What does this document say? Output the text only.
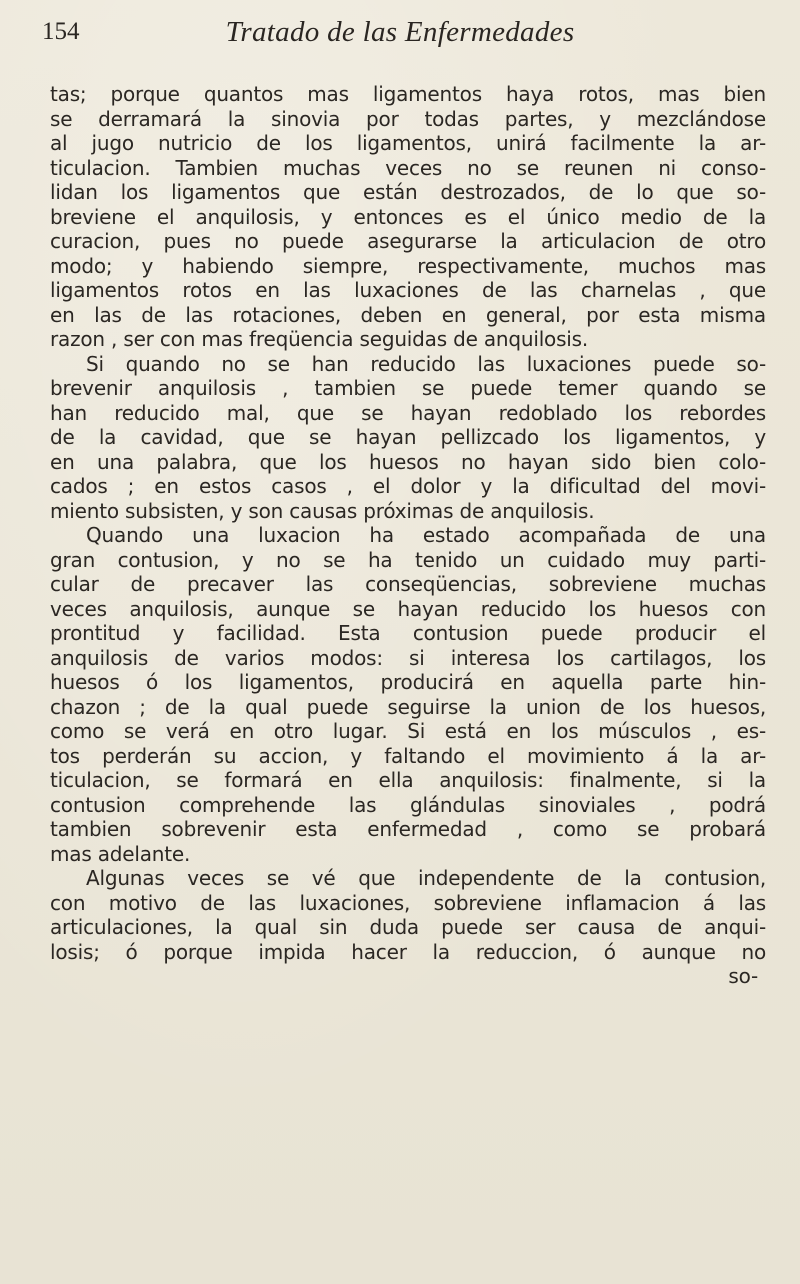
154	Tratado de las Enfermedades
tas; porque quantos mas ligamentos haya rotos, mas bien
se derramará la sinovia por todas partes, y mezclándose
al jugo nutricio de los ligamentos, unirá facilmente la ar-
ticulacion. Tambien muchas veces no se reunen ni conso-
lidan los ligamentos que están destrozados, de lo que so-
breviene el anquilosis, y entonces es el único medio de la
curacion, pues no puede asegurarse la articulacion de otro
modo; y habiendo siempre, respectivamente, muchos mas
ligamentos rotos en las luxaciones de las charnelas , que
en las de las rotaciones, deben en general, por esta misma
razon , ser con mas freqüencia seguidas de anquilosis.
Si quando no se han reducido las luxaciones puede so-
brevenir anquilosis , tambien se puede temer quando se
han reducido mal, que se hayan redoblado los rebordes
de la cavidad, que se hayan pellizcado los ligamentos, y
en una palabra, que los huesos no hayan sido bien colo-
cados ; en estos casos , el dolor y la dificultad del movi-
miento subsisten, y son causas próximas de anquilosis.
Quando una luxacion ha estado acompañada de una
gran contusion, y no se ha tenido un cuidado muy parti-
cular de precaver las conseqüencias, sobreviene muchas
veces anquilosis, aunque se hayan reducido los huesos con
prontitud y facilidad. Esta contusion puede producir el
anquilosis de varios modos: si interesa los cartilagos, los
huesos ó los ligamentos, producirá en aquella parte hin-
chazon ; de la qual puede seguirse la union de los huesos,
como se verá en otro lugar. Si está en los músculos , es-
tos perderán su accion, y faltando el movimiento á la ar-
ticulacion, se formará en ella anquilosis: finalmente, si la
contusion comprehende las glándulas sinoviales , podrá
tambien sobrevenir esta enfermedad , como se probará
mas adelante.
Algunas veces se vé que independente de la contusion,
con motivo de las luxaciones, sobreviene inflamacion á las
articulaciones, la qual sin duda puede ser causa de anqui-
losis; ó porque impida hacer la reduccion, ó aunque no
so-
